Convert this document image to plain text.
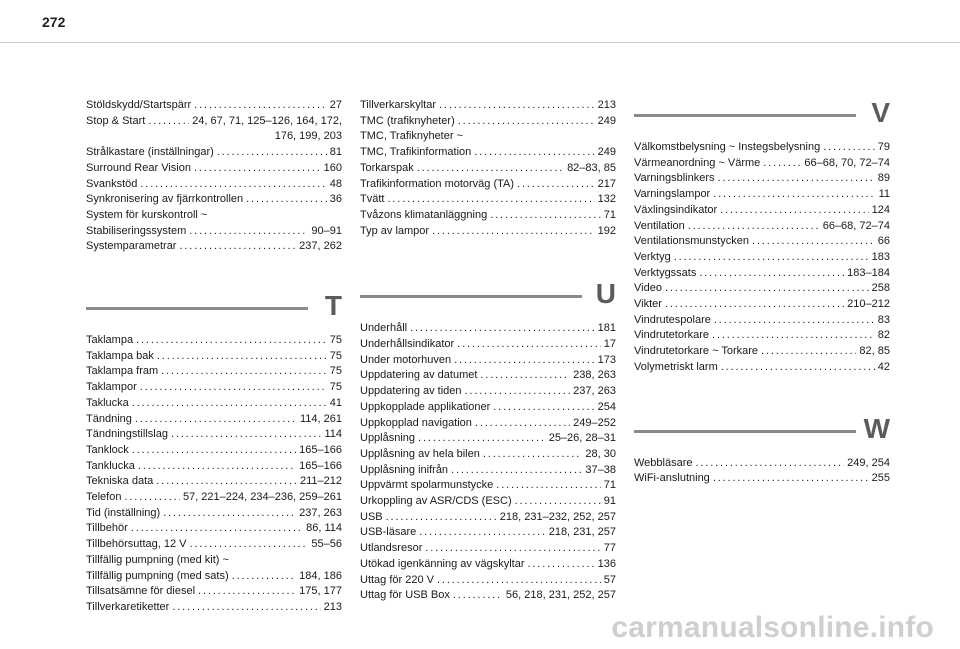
272
Stöldskydd/Startspärr . . .	27
Stop & Start . . .	24, 67, 71, 125–126, 164, 172,
176, 199, 203
Strålkastare (inställningar) . . .	81
Surround Rear Vision . . .	160
Svankstöd . . .	48
Synkronisering av fjärrkontrollen . . .	36
System för kurskontroll ~
Stabiliseringssystem . . .	90–91
Systemparametrar . . .	237, 262
T
Taklampa . . .	75
Taklampa bak . . .	75
Taklampa fram . . .	75
Taklampor . . .	75
Taklucka . . .	41
Tändning . . .	114, 261
Tändningstillslag . . .	114
Tanklock . . .	165–166
Tanklucka . . .	165–166
Tekniska data . . .	211–212
Telefon . . .	57, 221–224, 234–236, 259–261
Tid (inställning) . . .	237, 263
Tillbehör . . .	86, 114
Tillbehörsuttag, 12 V . . .	55–56
Tillfällig pumpning (med kit) ~
Tillfällig pumpning (med sats) . . .	184, 186
Tillsatsämne för diesel . . .	175, 177
Tillverkaretiketter . . .	213
Tillverkarskyltar . . .	213
TMC (trafiknyheter) . . .	249
TMC, Trafiknyheter ~
TMC, Trafikinformation . . .	249
Torkarspak . . .	82–83, 85
Trafikinformation motorväg (TA) . . .	217
Tvätt . . .	132
Tvåzons klimatanläggning . . .	71
Typ av lampor . . .	192
U
Underhåll . . .	181
Underhållsindikator . . .	17
Under motorhuven . . .	173
Uppdatering av datumet . . .	238, 263
Uppdatering av tiden . . .	237, 263
Uppkopplade applikationer . . .	254
Uppkopplad navigation . . .	249–252
Upplåsning . . .	25–26, 28–31
Upplåsning av hela bilen . . .	28, 30
Upplåsning inifrån . . .	37–38
Uppvärmt spolarmunstycke . . .	71
Urkoppling av ASR/CDS (ESC) . . .	91
USB . . .	218, 231–232, 252, 257
USB-läsare . . .	218, 231, 257
Utlandsresor . . .	77
Utökad igenkänning av vägskyltar . . .	136
Uttag för 220 V . . .	57
Uttag för USB Box . . .	56, 218, 231, 252, 257
V
Välkomstbelysning ~ Instegsbelysning . . .	79
Värmeanordning ~ Värme . . .	66–68, 70, 72–74
Varningsblinkers . . .	89
Varningslampor . . .	11
Växlingsindikator . . .	124
Ventilation . . .	66–68, 72–74
Ventilationsmunstycken . . .	66
Verktyg . . .	183
Verktygssats . . .	183–184
Video . . .	258
Vikter . . .	210–212
Vindrutespolare . . .	83
Vindrutetorkare . . .	82
Vindrutetorkare ~ Torkare . . .	82, 85
Volymetriskt larm . . .	42
W
Webbläsare . . .	249, 254
WiFi-anslutning . . .	255
carmanualsonline.info
